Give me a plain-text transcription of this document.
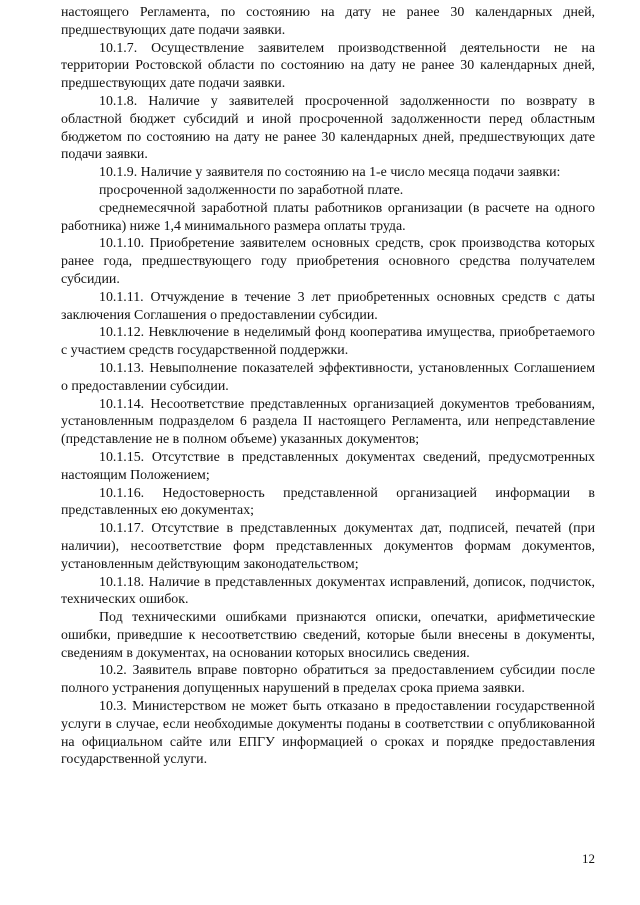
настоящего Регламента, по состоянию на дату не ранее 30 календарных дней, предшествующих дате подачи заявки.

10.1.7. Осуществление заявителем производственной деятельности не на территории Ростовской области по состоянию на дату не ранее 30 календарных дней, предшествующих дате подачи заявки.

10.1.8. Наличие у заявителей просроченной задолженности по возврату в областной бюджет субсидий и иной просроченной задолженности перед областным бюджетом по состоянию на дату не ранее 30 календарных дней, предшествующих дате подачи заявки.

10.1.9. Наличие у заявителя по состоянию на 1-е число месяца подачи заявки:

просроченной задолженности по заработной плате.

среднемесячной заработной платы работников организации (в расчете на одного работника) ниже 1,4 минимального размера оплаты труда.

10.1.10. Приобретение заявителем основных средств, срок производства которых ранее года, предшествующего году приобретения основного средства получателем субсидии.

10.1.11. Отчуждение в течение 3 лет приобретенных основных средств с даты заключения Соглашения о предоставлении субсидии.

10.1.12. Невключение в неделимый фонд кооператива имущества, приобретаемого с участием средств государственной поддержки.

10.1.13. Невыполнение показателей эффективности, установленных Соглашением о предоставлении субсидии.

10.1.14. Несоответствие представленных организацией документов требованиям, установленным подразделом 6 раздела II настоящего Регламента, или непредставление (представление не в полном объеме) указанных документов;

10.1.15. Отсутствие в представленных документах сведений, предусмотренных настоящим Положением;

10.1.16. Недостоверность представленной организацией информации в представленных ею документах;

10.1.17. Отсутствие в представленных документах дат, подписей, печатей (при наличии), несоответствие форм представленных документов формам документов, установленным действующим законодательством;

10.1.18. Наличие в представленных документах исправлений, дописок, подчисток, технических ошибок.

Под техническими ошибками признаются описки, опечатки, арифметические ошибки, приведшие к несоответствию сведений, которые были внесены в документы, сведениям в документах, на основании которых вносились сведения.

10.2. Заявитель вправе повторно обратиться за предоставлением субсидии после полного устранения допущенных нарушений в пределах срока приема заявки.

10.3. Министерством не может быть отказано в предоставлении государственной услуги в случае, если необходимые документы поданы в соответствии с опубликованной на официальном сайте или ЕПГУ информацией о сроках и порядке предоставления государственной услуги.

12
